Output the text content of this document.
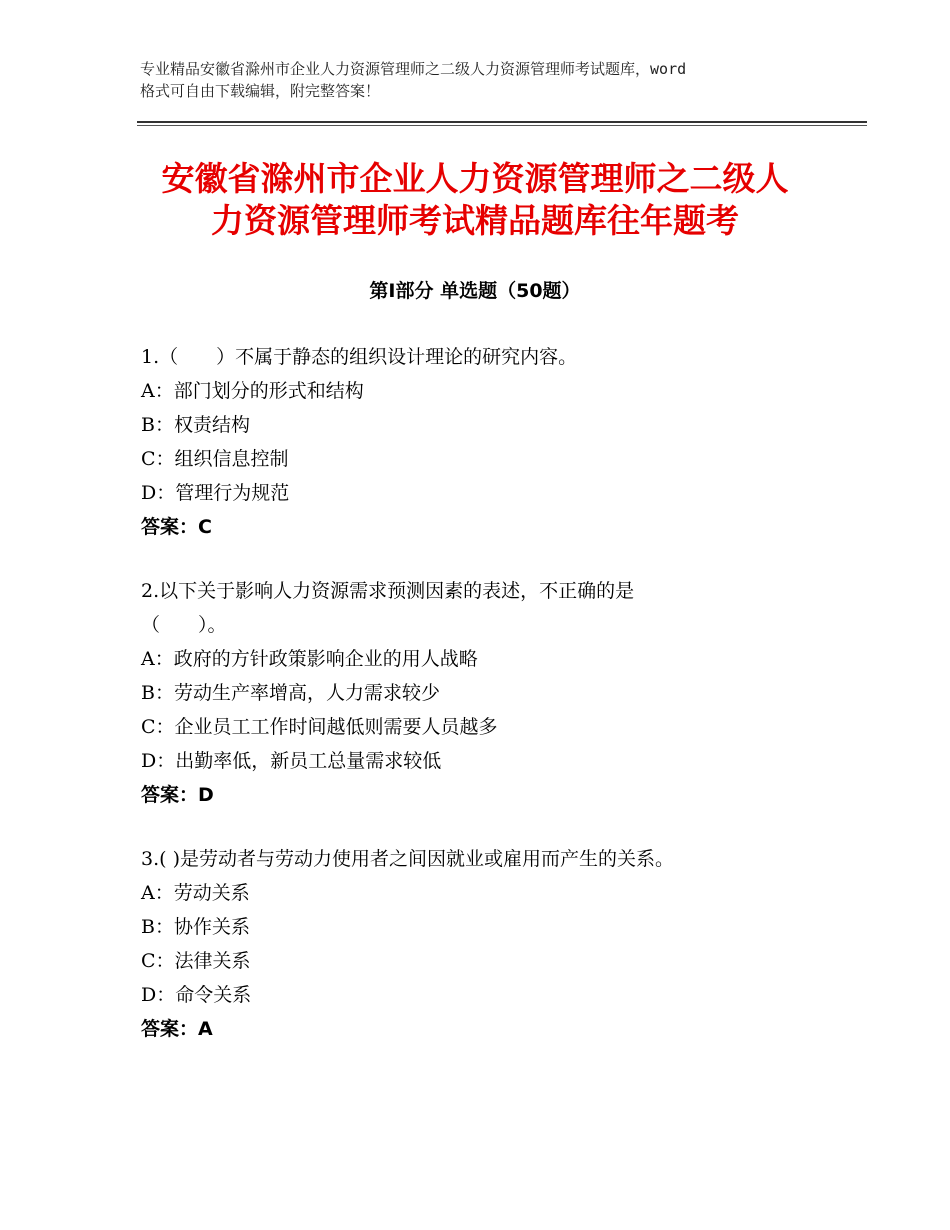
专业精品安徽省滁州市企业人力资源管理师之二级人力资源管理师考试题库，word
格式可自由下载编辑，附完整答案！
安徽省滁州市企业人力资源管理师之二级人
力资源管理师考试精品题库往年题考
第Ⅰ部分 单选题（50题）
1.（　　）不属于静态的组织设计理论的研究内容。
A：部门划分的形式和结构
B：权责结构
C：组织信息控制
D：管理行为规范
答案：C
2.以下关于影响人力资源需求预测因素的表述，不正确的是
（　　）。
A：政府的方针政策影响企业的用人战略
B：劳动生产率增高，人力需求较少
C：企业员工工作时间越低则需要人员越多
D：出勤率低，新员工总量需求较低
答案：D
3.( )是劳动者与劳动力使用者之间因就业或雇用而产生的关系。
A：劳动关系
B：协作关系
C：法律关系
D：命令关系
答案：A
